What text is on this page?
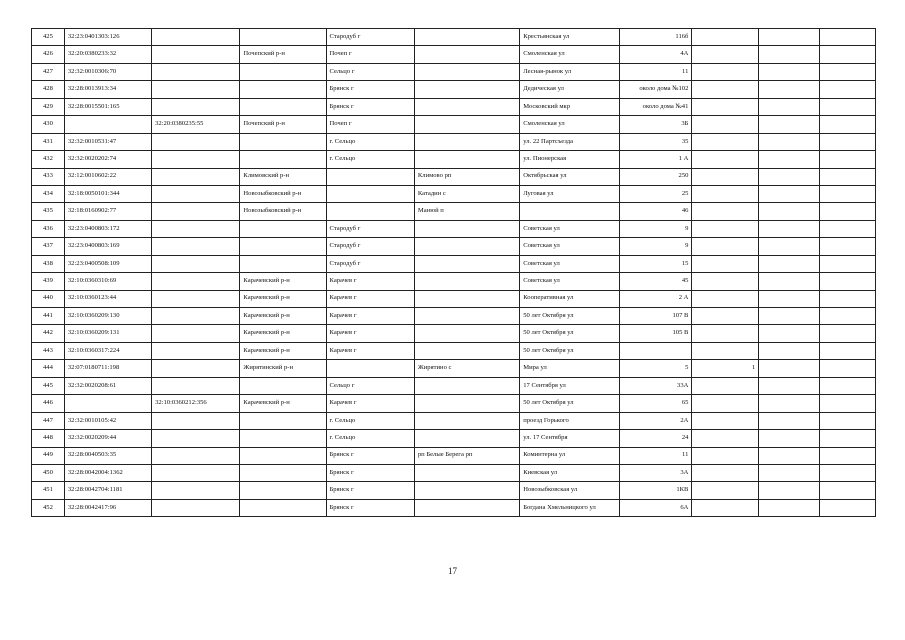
425	32:23:0401303:126			Стародуб г		Крестьянская ул	116б			
426	32:20:0380233:32		Почепский р-н	Почеп г		Смоленская ул	4А			
427	32:32:0010306:70			Сельцо г		Лесная-рынок ул	11			
428	32:28:0013913:34			Брянск г		Дедическая ул	около дома №102			
429	32:28:0015501:165			Брянск г		Московский мкр	около дома №41			
430		32:20:0380235:55	Почепский р-н	Почеп г		Смоленская ул	3Б			
431	32:32:0010531:47			г. Сельцо		ул. 22 Партсъезда	35			
432	32:32:0020202:74			г. Сельцо		ул. Пионерская	1 А			
433	32:12:0010602:22		Климовский р-н		Климово рп	Октябрьская ул	250			
434	32:18:0050101:344		Новозыбковский р-н		Катадин с	Луговая ул	25			
435	32:18:0160902:77		Новозыбковский р-н		Манюй п		46			
436	32:23:0400803:172			Стародуб г		Советская ул	9			
437	32:23:0400803:169			Стародуб г		Советская ул	9			
438	32:23:0400508:109			Стародуб г		Советская ул	15			
439	32:10:0360310:69		Карачевский р-н	Карачев г		Советская ул	45			
440	32:10:0360123:44		Карачевский р-н	Карачев г		Кооперативная ул	2 А			
441	32:10:0360209:130		Карачевский р-н	Карачев г		50 лет Октября ул	107 В			
442	32:10:0360209:131		Карачевский р-н	Карачев г		50 лет Октября ул	105 В			
443	32:10:0360317:224		Карачевский р-н	Карачев г		50 лет Октября ул				
444	32:07:0180711:198		Жирятинский р-н		Жирятино с	Мира ул	5	1		
445	32:32:0020208:61			Сельцо г		17 Сентября ул	33А			
446		32:10:0360212:356	Карачевский р-н	Карачев г		50 лет Октября ул	65			
447	32:32:0010105:42			г. Сельцо		проезд Горького	2А			
448	32:32:0020209:44			г. Сельцо		ул. 17 Сентября	24			
449	32:28:0040503:35			Брянск г	рп Белые Берега рп	Коминтерна ул	11			
450	32:28:0042004:1362			Брянск г		Киевская ул	3А			
451	32:28:0042704:1181			Брянск г		Новозыбковская ул	1КВ			
452	32:28:0042417:96			Брянск г		Богдана Хмельницкого ул	6А			
17
